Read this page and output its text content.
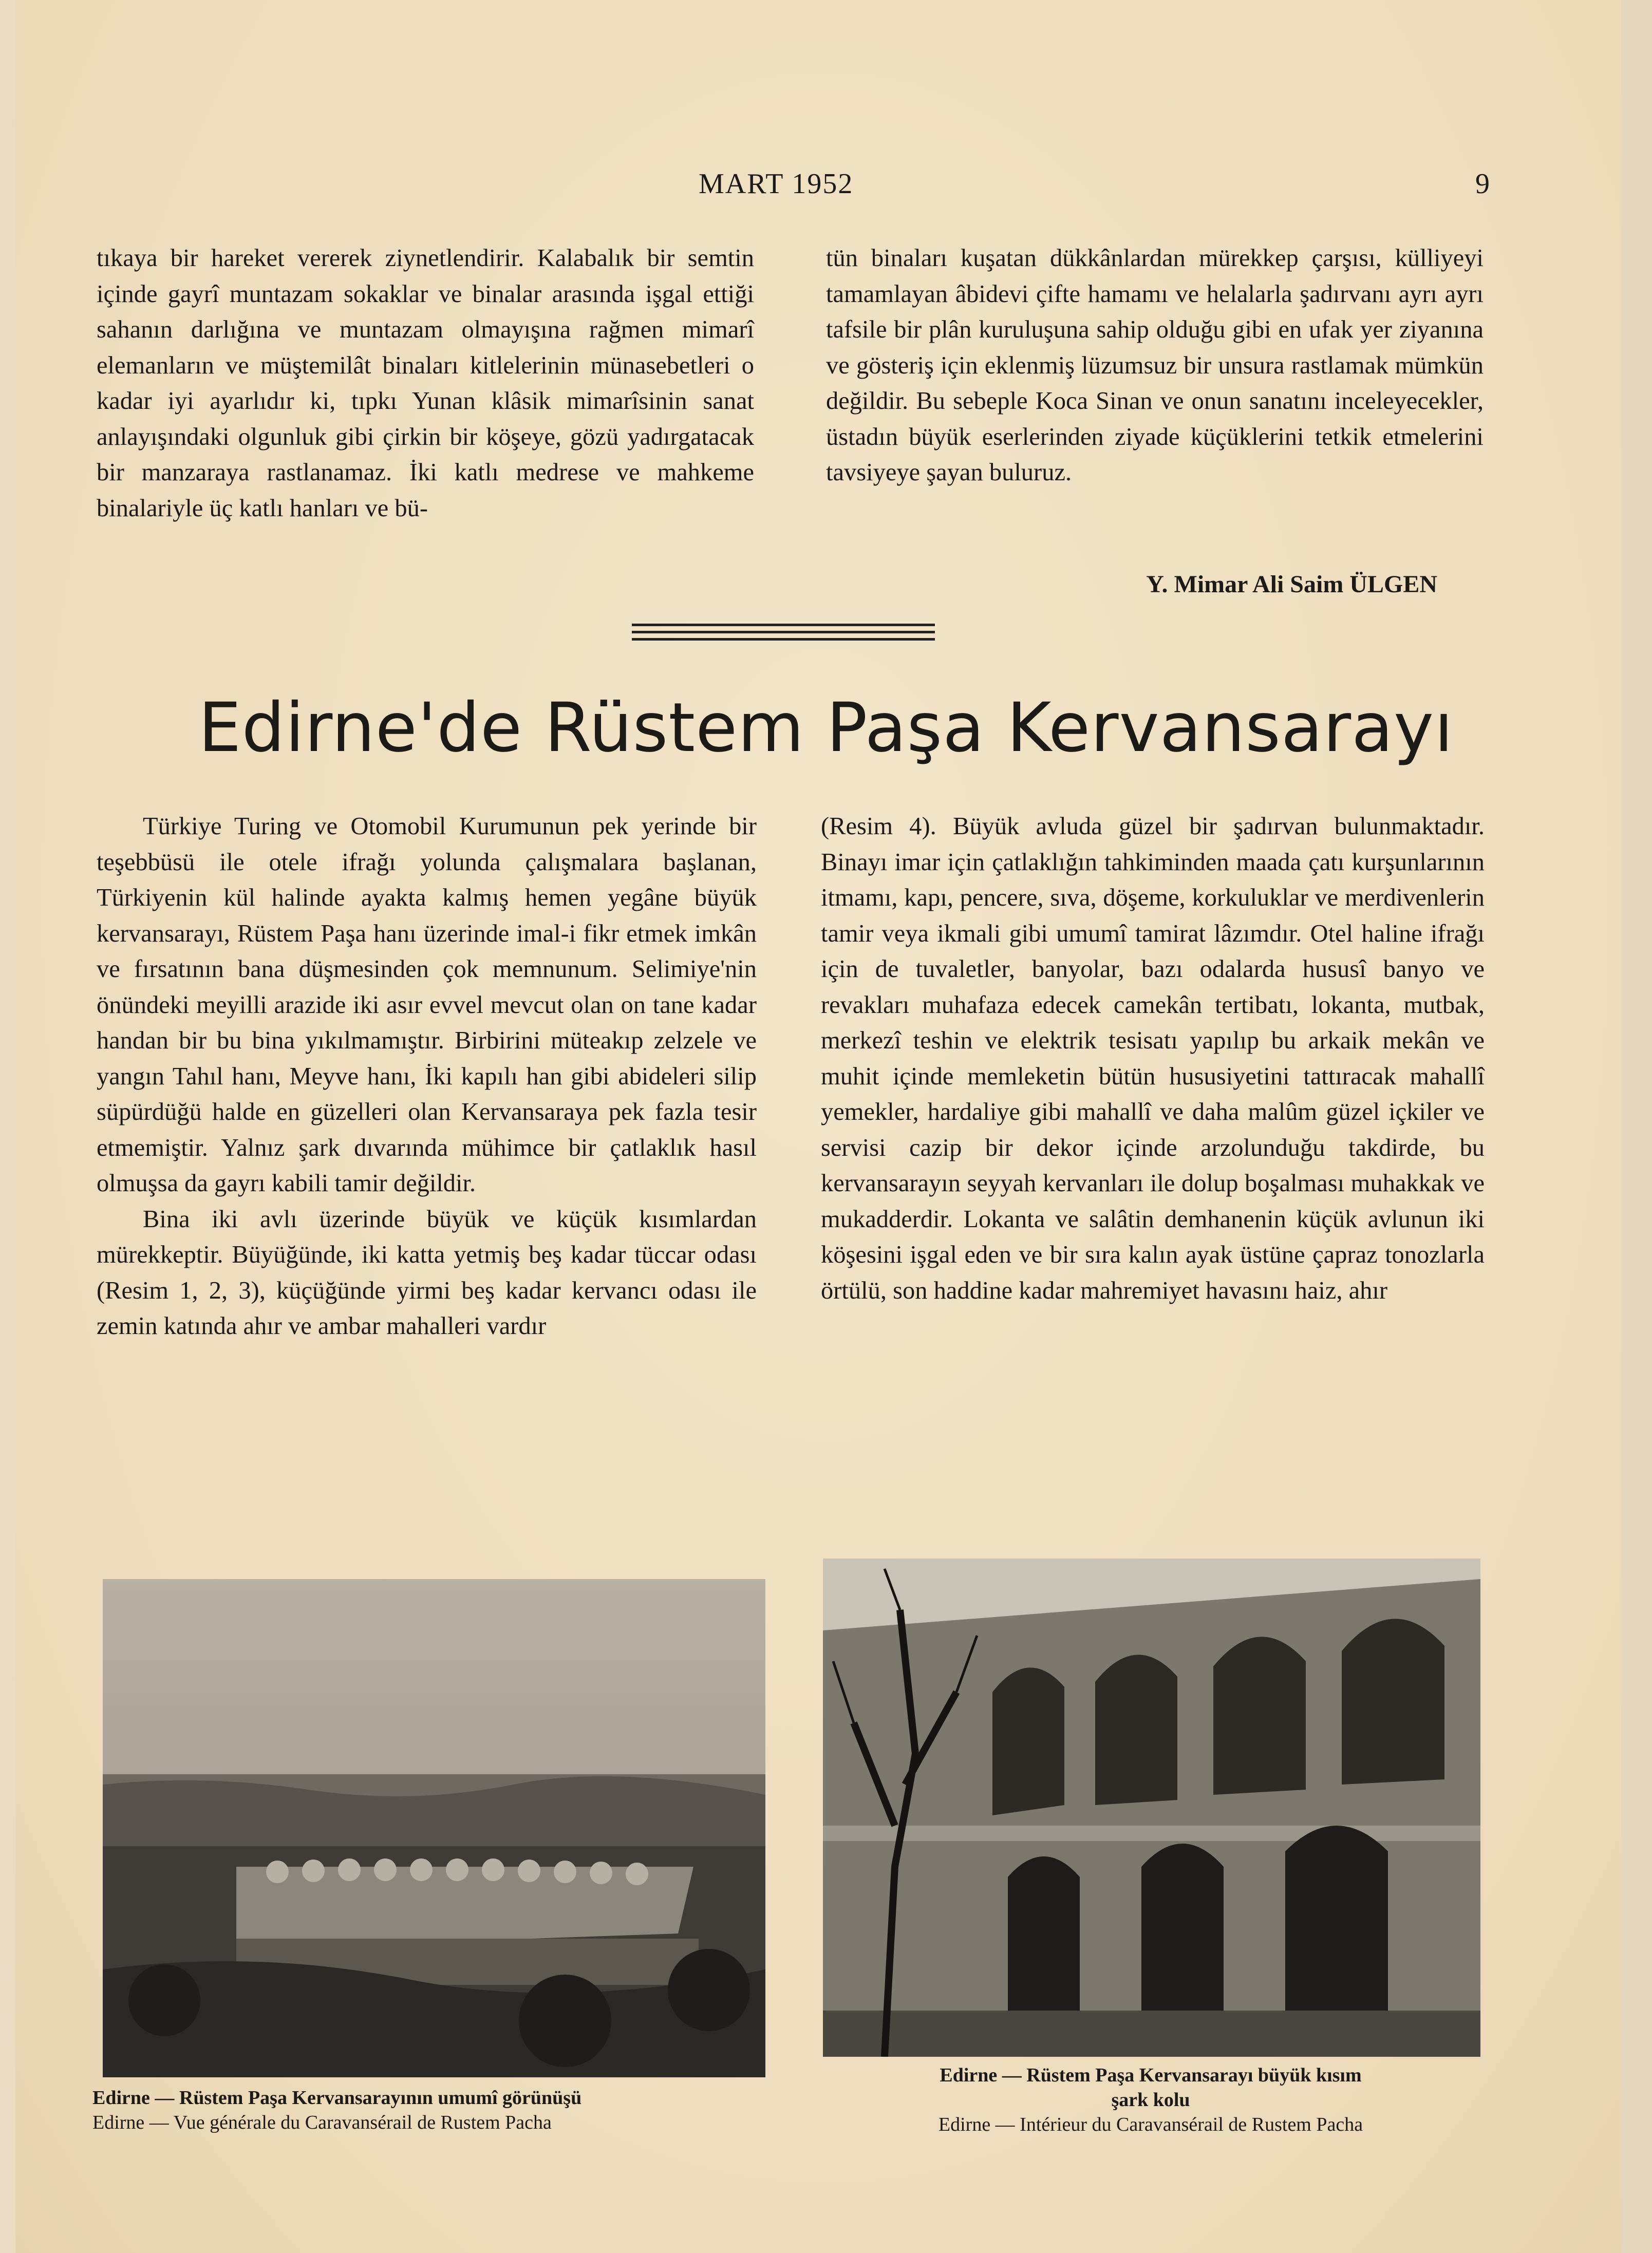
MART 1952	9

tıkaya bir hareket vererek ziynetlendirir. Kalabalık bir semtin içinde gayrî muntazam sokaklar ve binalar arasında işgal ettiği sahanın darlığına ve muntazam olmayışına rağmen mimarî elemanların ve müştemilât binaları kitlelerinin münasebetleri o kadar iyi ayarlıdır ki, tıpkı Yunan klâsik mimarîsinin sanat anlayışındaki olgunluk gibi çirkin bir köşeye, gözü yadırgatacak bir manzaraya rastlanamaz. İki katlı medrese ve mahkeme binalariyle üç katlı hanları ve bü-

tün binaları kuşatan dükkânlardan mürekkep çarşısı, külliyeyi tamamlayan âbidevi çifte hamamı ve helalarla şadırvanı ayrı ayrı tafsile bir plân kuruluşuna sahip olduğu gibi en ufak yer ziyanına ve gösteriş için eklenmiş lüzumsuz bir unsura rastlamak mümkün değildir. Bu sebeple Koca Sinan ve onun sanatını inceleyecekler, üstadın büyük eserlerinden ziyade küçüklerini tetkik etmelerini tavsiyeye şayan buluruz.

Y. Mimar Ali Saim ÜLGEN
Edirne'de Rüstem Paşa Kervansarayı

Türkiye Turing ve Otomobil Kurumunun pek yerinde bir teşebbüsü ile otele ifrağı yolunda çalışmalara başlanan, Türkiyenin kül halinde ayakta kalmış hemen yegâne büyük kervansarayı, Rüstem Paşa hanı üzerinde imal-i fikr etmek imkân ve fırsatının bana düşmesinden çok memnunum. Selimiye'nin önündeki meyilli arazide iki asır evvel mevcut olan on tane kadar handan bir bu bina yıkılmamıştır. Birbirini müteakıp zelzele ve yangın Tahıl hanı, Meyve hanı, İki kapılı han gibi abideleri silip süpürdüğü halde en güzelleri olan Kervansaraya pek fazla tesir etmemiştir. Yalnız şark dıvarında mühimce bir çatlaklık hasıl olmuşsa da gayrı kabili tamir değildir.

Bina iki avlı üzerinde büyük ve küçük kısımlardan mürekkeptir. Büyüğünde, iki katta yetmiş beş kadar tüccar odası (Resim 1, 2, 3), küçüğünde yirmi beş kadar kervancı odası ile zemin katında ahır ve ambar mahalleri vardır

(Resim 4). Büyük avluda güzel bir şadırvan bulunmaktadır. Binayı imar için çatlaklığın tahkiminden maada çatı kurşunlarının itmamı, kapı, pencere, sıva, döşeme, korkuluklar ve merdivenlerin tamir veya ikmali gibi umumî tamirat lâzımdır. Otel haline ifrağı için de tuvaletler, banyolar, bazı odalarda hususî banyo ve revakları muhafaza edecek camekân tertibatı, lokanta, mutbak, merkezî teshin ve elektrik tesisatı yapılıp bu arkaik mekân ve muhit içinde memleketin bütün hususiyetini tattıracak mahallî yemekler, hardaliye gibi mahallî ve daha malûm güzel içkiler ve servisi cazip bir dekor içinde arzolunduğu takdirde, bu kervansarayın seyyah kervanları ile dolup boşalması muhakkak ve mukadderdir. Lokanta ve salâtin demhanenin küçük avlunun iki köşesini işgal eden ve bir sıra kalın ayak üstüne çapraz tonozlarla örtülü, son haddine kadar mahremiyet havasını haiz, ahır

Edirne — Rüstem Paşa Kervansarayının umumî görünüşü
Edirne — Vue générale du Caravansérail de Rustem Pacha
Edirne — Rüstem Paşa Kervansarayı büyük kısım
şark kolu
Edirne — Intérieur du Caravansérail de Rustem Pacha
